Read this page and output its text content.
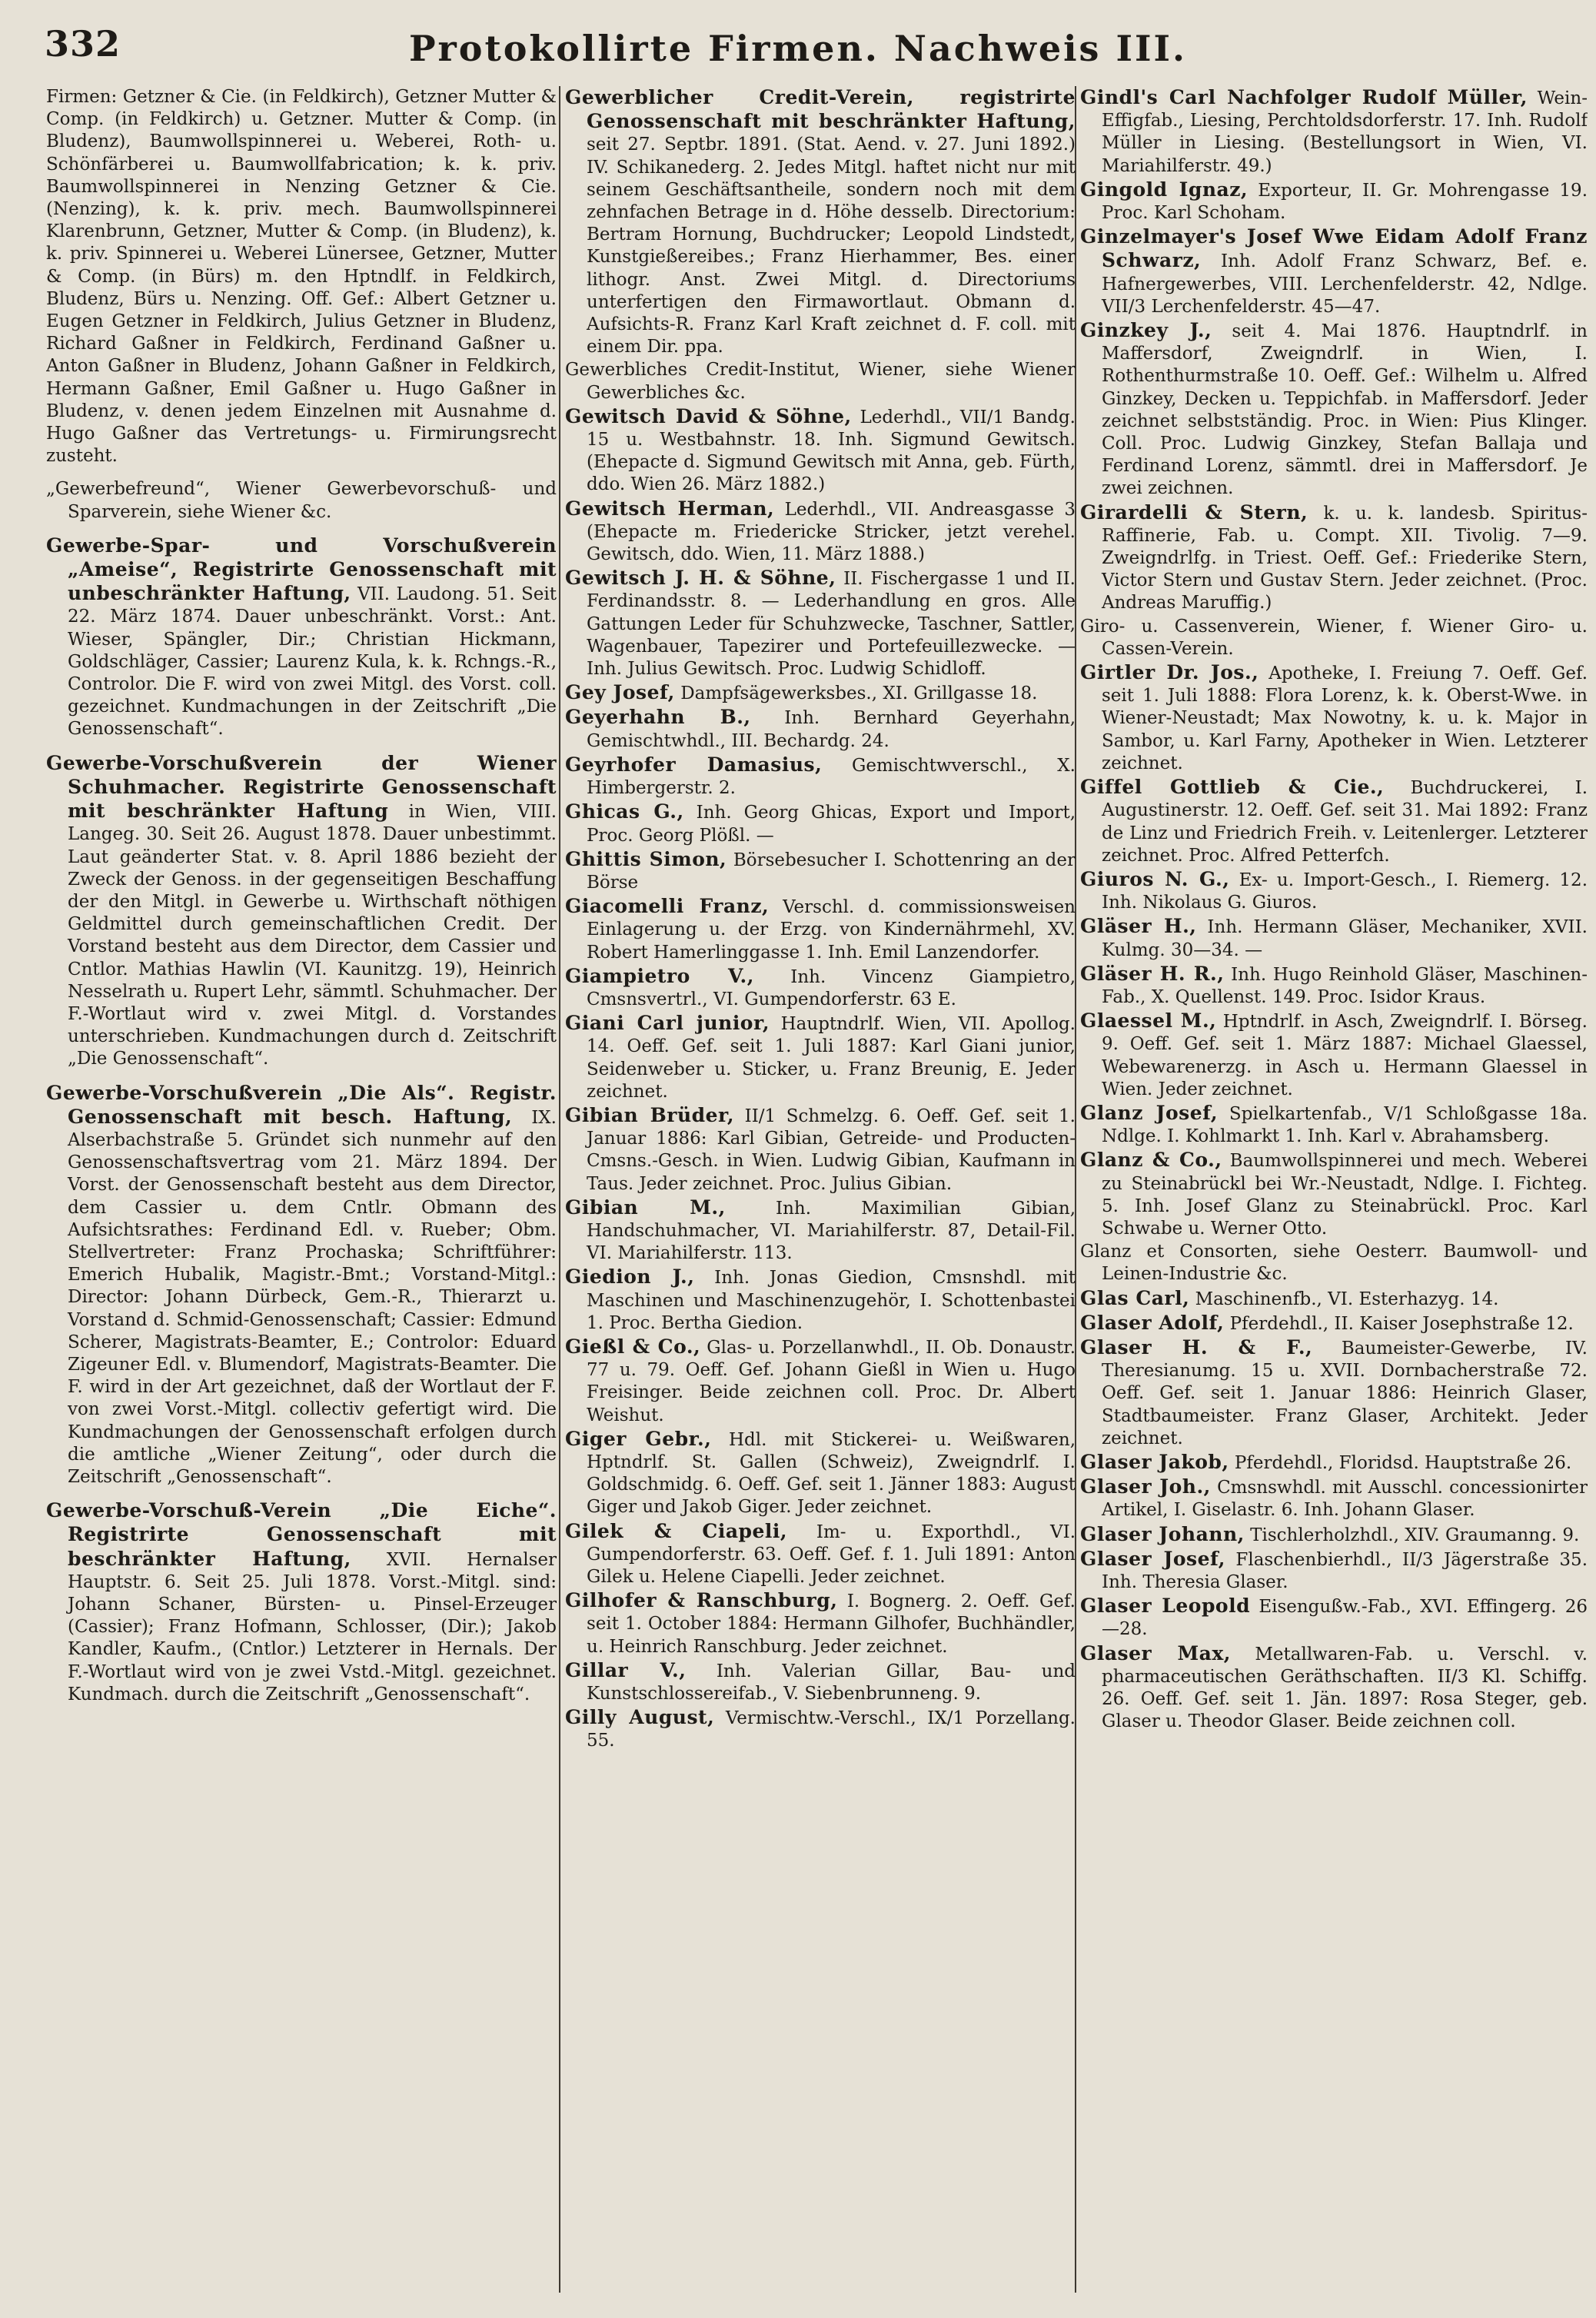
332	Protokollirte Firmen. Nachweis III.
Firmen: Getzner & Cie. (in Feldkirch), Getzner Mutter & Comp. (in Feldkirch) u. Getzner. Mutter & Comp. (in Bludenz), Baumwollspinnerei u. Weberei, Roth- u. Schönfärberei u. Baumwollfabrication; k. k. priv. Baumwollspinnerei in Nenzing Getzner & Cie. (Nenzing), k. k. priv. mech. Baumwollspinnerei Klarenbrunn, Getzner, Mutter & Comp. (in Bludenz), k. k. priv. Spinnerei u. Weberei Lünersee, Getzner, Mutter & Comp. (in Bürs) m. den Hptndlf. in Feldkirch, Bludenz, Bürs u. Nenzing. Off. Gef.: Albert Getzner u. Eugen Getzner in Feldkirch, Julius Getzner in Bludenz, Richard Gaßner in Feldkirch, Ferdinand Gaßner u. Anton Gaßner in Bludenz, Johann Gaßner in Feldkirch, Hermann Gaßner, Emil Gaßner u. Hugo Gaßner in Bludenz, v. denen jedem Einzelnen mit Ausnahme d. Hugo Gaßner das Vertretungs- u. Firmirungsrecht zusteht.
„Gewerbefreund“, Wiener Gewerbevorschuß- und Sparverein, siehe Wiener &c.
Gewerbe-Spar- und Vorschußverein „Ameise“, Registrirte Genossenschaft mit unbeschränkter Haftung, VII. Laudong. 51. Seit 22. März 1874. Dauer unbeschränkt. Vorst.: Ant. Wieser, Spängler, Dir.; Christian Hickmann, Goldschläger, Cassier; Laurenz Kula, k. k. Rchngs.-R., Controlor. Die F. wird von zwei Mitgl. des Vorst. coll. gezeichnet. Kundmachungen in der Zeitschrift „Die Genossenschaft“.
Gewerbe-Vorschußverein der Wiener Schuhmacher. Registrirte Genossenschaft mit beschränkter Haftung in Wien, VIII. Langeg. 30. Seit 26. August 1878. Dauer unbestimmt. Laut geänderter Stat. v. 8. April 1886 bezieht der Zweck der Genoss. in der gegenseitigen Beschaffung der den Mitgl. in Gewerbe u. Wirthschaft nöthigen Geldmittel durch gemeinschaftlichen Credit. Der Vorstand besteht aus dem Director, dem Cassier und Cntlor. Mathias Hawlin (VI. Kaunitzg. 19), Heinrich Nesselrath u. Rupert Lehr, sämmtl. Schuhmacher. Der F.-Wortlaut wird v. zwei Mitgl. d. Vorstandes unterschrieben. Kundmachungen durch d. Zeitschrift „Die Genossenschaft“.
Gewerbe-Vorschußverein „Die Als“. Registr. Genossenschaft mit besch. Haftung, IX. Alserbachstraße 5. Gründet sich nunmehr auf den Genossenschaftsvertrag vom 21. März 1894. Der Vorst. der Genossenschaft besteht aus dem Director, dem Cassier u. dem Cntlr. Obmann des Aufsichtsrathes: Ferdinand Edl. v. Rueber; Obm. Stellvertreter: Franz Prochaska; Schriftführer: Emerich Hubalik, Magistr.-Bmt.; Vorstand-Mitgl.: Director: Johann Dürbeck, Gem.-R., Thierarzt u. Vorstand d. Schmid-Genossenschaft; Cassier: Edmund Scherer, Magistrats-Beamter, E.; Controlor: Eduard Zigeuner Edl. v. Blumendorf, Magistrats-Beamter. Die F. wird in der Art gezeichnet, daß der Wortlaut der F. von zwei Vorst.-Mitgl. collectiv gefertigt wird. Die Kundmachungen der Genossenschaft erfolgen durch die amtliche „Wiener Zeitung“, oder durch die Zeitschrift „Genossenschaft“.
Gewerbe-Vorschuß-Verein „Die Eiche“. Registrirte Genossenschaft mit beschränkter Haftung, XVII. Hernalser Hauptstr. 6. Seit 25. Juli 1878. Vorst.-Mitgl. sind: Johann Schaner, Bürsten- u. Pinsel-Erzeuger (Cassier); Franz Hofmann, Schlosser, (Dir.); Jakob Kandler, Kaufm., (Cntlor.) Letzterer in Hernals. Der F.-Wortlaut wird von je zwei Vstd.-Mitgl. gezeichnet. Kundmach. durch die Zeitschrift „Genossenschaft“.
Gewerblicher Credit-Verein, registrirte Genossenschaft mit beschränkter Haftung, seit 27. Septbr. 1891. (Stat. Aend. v. 27. Juni 1892.) IV. Schikanederg. 2. Jedes Mitgl. haftet nicht nur mit seinem Geschäftsantheile, sondern noch mit dem zehnfachen Betrage in d. Höhe desselb. Directorium: Bertram Hornung, Buchdrucker; Leopold Lindstedt, Kunstgießereibes.; Franz Hierhammer, Bes. einer lithogr. Anst. Zwei Mitgl. d. Directoriums unterfertigen den Firmawortlaut. Obmann d. Aufsichts-R. Franz Karl Kraft zeichnet d. F. coll. mit einem Dir. ppa.
Gewerbliches Credit-Institut, Wiener, siehe Wiener Gewerbliches &c.
Gewitsch David & Söhne, Lederhdl., VII/1 Bandg. 15 u. Westbahnstr. 18. Inh. Sigmund Gewitsch. (Ehepacte d. Sigmund Gewitsch mit Anna, geb. Fürth, ddo. Wien 26. März 1882.)
Gewitsch Herman, Lederhdl., VII. Andreasgasse 3 (Ehepacte m. Friedericke Stricker, jetzt verehel. Gewitsch, ddo. Wien, 11. März 1888.)
Gewitsch J. H. & Söhne, II. Fischergasse 1 und II. Ferdinandsstr. 8. — Lederhandlung en gros. Alle Gattungen Leder für Schuhzwecke, Taschner, Sattler, Wagenbauer, Tapezirer und Portefeuillezwecke. — Inh. Julius Gewitsch. Proc. Ludwig Schidloff.
Gey Josef, Dampfsägewerksbes., XI. Grillgasse 18.
Geyerhahn B., Inh. Bernhard Geyerhahn, Gemischtwhdl., III. Bechardg. 24.
Geyrhofer Damasius, Gemischtwverschl., X. Himbergerstr. 2.
Ghicas G., Inh. Georg Ghicas, Export und Import, Proc. Georg Plößl. —
Ghittis Simon, Börsebesucher I. Schottenring an der Börse
Giacomelli Franz, Verschl. d. commissionsweisen Einlagerung u. der Erzg. von Kindernährmehl, XV. Robert Hamerlinggasse 1. Inh. Emil Lanzendorfer.
Giampietro V., Inh. Vincenz Giampietro, Cmsnsvertrl., VI. Gumpendorferstr. 63 E.
Giani Carl junior, Hauptndrlf. Wien, VII. Apollog. 14. Oeff. Gef. seit 1. Juli 1887: Karl Giani junior, Seidenweber u. Sticker, u. Franz Breunig, E. Jeder zeichnet.
Gibian Brüder, II/1 Schmelzg. 6. Oeff. Gef. seit 1. Januar 1886: Karl Gibian, Getreide- und Producten-Cmsns.-Gesch. in Wien. Ludwig Gibian, Kaufmann in Taus. Jeder zeichnet. Proc. Julius Gibian.
Gibian M.,	Inh. Maximilian Gibian, Handschuhmacher, VI. Mariahilferstr. 87, Detail-Fil. VI. Mariahilferstr. 113.
Giedion J., Inh. Jonas Giedion, Cmsnshdl. mit Maschinen und Maschinenzugehör, I. Schottenbastei 1. Proc. Bertha Giedion.
Gießl & Co., Glas- u. Porzellanwhdl., II. Ob. Donaustr. 77 u. 79. Oeff. Gef. Johann Gießl in Wien u. Hugo Freisinger. Beide zeichnen coll. Proc. Dr. Albert Weishut.
Giger Gebr., Hdl. mit Stickerei- u. Weißwaren, Hptndrlf. St. Gallen (Schweiz), Zweigndrlf. I. Goldschmidg. 6. Oeff. Gef. seit 1. Jänner 1883: August Giger und Jakob Giger. Jeder zeichnet.
Gilek & Ciapeli, Im- u. Exporthdl., VI. Gumpendorferstr. 63. Oeff. Gef. f. 1. Juli 1891: Anton Gilek u. Helene Ciapelli. Jeder zeichnet.
Gilhofer & Ranschburg, I. Bognerg. 2. Oeff. Gef. seit 1. October 1884: Hermann Gilhofer, Buchhändler, u. Heinrich Ranschburg. Jeder zeichnet.
Gillar V., Inh. Valerian Gillar, Bau- und Kunstschlossereifab., V. Siebenbrunneng. 9.
Gilly August, Vermischtw.-Verschl., IX/1 Porzellang. 55.
Gindl's Carl Nachfolger Rudolf Müller, Wein-Effigfab., Liesing, Perchtoldsdorferstr. 17. Inh. Rudolf Müller in Liesing. (Bestellungsort in Wien, VI. Mariahilferstr. 49.)
Gingold Ignaz, Exporteur, II. Gr. Mohrengasse 19. Proc. Karl Schoham.
Ginzelmayer's Josef Wwe Eidam Adolf Franz Schwarz, Inh. Adolf Franz Schwarz, Bef. e. Hafnergewerbes, VIII. Lerchenfelderstr. 42, Ndlge. VII/3 Lerchenfelderstr. 45—47.
Ginzkey J., seit 4. Mai 1876. Hauptndrlf. in Maffersdorf, Zweigndrlf. in Wien, I. Rothenthurmstraße 10. Oeff. Gef.: Wilhelm u. Alfred Ginzkey, Decken u. Teppichfab. in Maffersdorf. Jeder zeichnet selbstständig. Proc. in Wien: Pius Klinger. Coll. Proc. Ludwig Ginzkey, Stefan Ballaja und Ferdinand Lorenz, sämmtl. drei in Maffersdorf. Je zwei zeichnen.
Girardelli & Stern, k. u. k. landesb. Spiritus-Raffinerie, Fab. u. Compt. XII. Tivolig. 7—9. Zweigndrlfg. in Triest. Oeff. Gef.: Friederike Stern, Victor Stern und Gustav Stern. Jeder zeichnet. (Proc. Andreas Maruffig.)
Giro- u. Cassenverein, Wiener, f. Wiener Giro- u. Cassen-Verein.
Girtler Dr. Jos., Apotheke, I. Freiung 7. Oeff. Gef. seit 1. Juli 1888: Flora Lorenz, k. k. Oberst-Wwe. in Wiener-Neustadt; Max Nowotny, k. u. k. Major in Sambor, u. Karl Farny, Apotheker in Wien. Letzterer zeichnet.
Giffel Gottlieb & Cie., Buchdruckerei, I. Augustinerstr. 12. Oeff. Gef. seit 31. Mai 1892: Franz de Linz und Friedrich Freih. v. Leitenlerger. Letzterer zeichnet. Proc. Alfred Petterfch.
Giuros N. G., Ex- u. Import-Gesch., I. Riemerg. 12. Inh. Nikolaus G. Giuros.
Gläser H., Inh. Hermann Gläser, Mechaniker, XVII. Kulmg. 30—34. —
Gläser H. R., Inh. Hugo Reinhold Gläser, Maschinen-Fab., X. Quellenst. 149. Proc. Isidor Kraus.
Glaessel M., Hptndrlf. in Asch, Zweigndrlf. I. Börseg. 9. Oeff. Gef. seit 1. März 1887: Michael Glaessel, Webewarenerzg. in Asch u. Hermann Glaessel in Wien. Jeder zeichnet.
Glanz Josef, Spielkartenfab., V/1 Schloßgasse 18a. Ndlge. I. Kohlmarkt 1. Inh. Karl v. Abrahamsberg.
Glanz & Co., Baumwollspinnerei und mech. Weberei zu Steinabrückl bei Wr.-Neustadt, Ndlge. I. Fichteg. 5. Inh. Josef Glanz zu Steinabrückl. Proc. Karl Schwabe u. Werner Otto.
Glanz et Consorten, siehe Oesterr. Baumwoll- und Leinen-Industrie &c.
Glas Carl, Maschinenfb., VI. Esterhazyg. 14.
Glaser Adolf, Pferdehdl., II. Kaiser Josephstraße 12.
Glaser H. & F., Baumeister-Gewerbe, IV. Theresianumg. 15 u. XVII. Dornbacherstraße 72. Oeff. Gef. seit 1. Januar 1886: Heinrich Glaser, Stadtbaumeister. Franz Glaser, Architekt. Jeder zeichnet.
Glaser Jakob, Pferdehdl., Floridsd. Hauptstraße 26.
Glaser Joh., Cmsnswhdl. mit Ausschl. concessionirter Artikel, I. Giselastr. 6. Inh. Johann Glaser.
Glaser Johann, Tischlerholzhdl., XIV. Graumanng. 9.
Glaser Josef, Flaschenbierhdl., II/3 Jägerstraße 35. Inh. Theresia Glaser.
Glaser Leopold Eisengußw.-Fab., XVI. Effingerg. 26—28.
Glaser Max, Metallwaren-Fab. u. Verschl. v. pharmaceutischen Geräthschaften. II/3 Kl. Schiffg. 26. Oeff. Gef. seit 1. Jän. 1897: Rosa Steger, geb. Glaser u. Theodor Glaser. Beide zeichnen coll.
